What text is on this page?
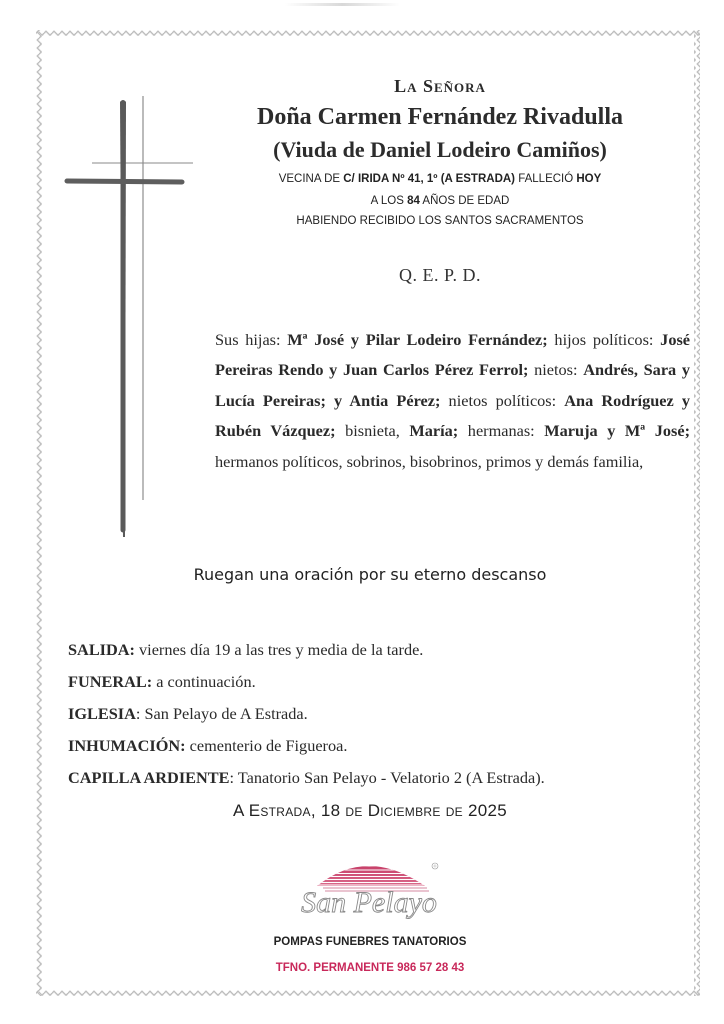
La Señora
Doña Carmen Fernández Rivadulla
(Viuda de Daniel Lodeiro Camiños)
VECINA DE C/ IRIDA Nº 41, 1º (A ESTRADA) FALLECIÓ HOY
A LOS 84 AÑOS DE EDAD
HABIENDO RECIBIDO LOS SANTOS SACRAMENTOS
Q. E. P. D.
Sus hijas: Mª José y Pilar Lodeiro Fernández; hijos políticos: José Pereiras Rendo y Juan Carlos Pérez Ferrol; nietos: Andrés, Sara y Lucía Pereiras; y Antia Pérez; nietos políticos: Ana Rodríguez y Rubén Vázquez; bisnieta, María; hermanas: Maruja y Mª José; hermanos políticos, sobrinos, bisobrinos, primos y demás familia,
Ruegan una oración por su eterno descanso
SALIDA: viernes día 19 a las tres y media de la tarde.
FUNERAL: a continuación.
IGLESIA: San Pelayo de A Estrada.
INHUMACIÓN: cementerio de Figueroa.
CAPILLA ARDIENTE: Tanatorio San Pelayo - Velatorio 2 (A Estrada).
A Estrada, 18 de Diciembre de 2025
®
San Pelayo
POMPAS FUNEBRES TANATORIOS
TFNO. PERMANENTE 986 57 28 43
